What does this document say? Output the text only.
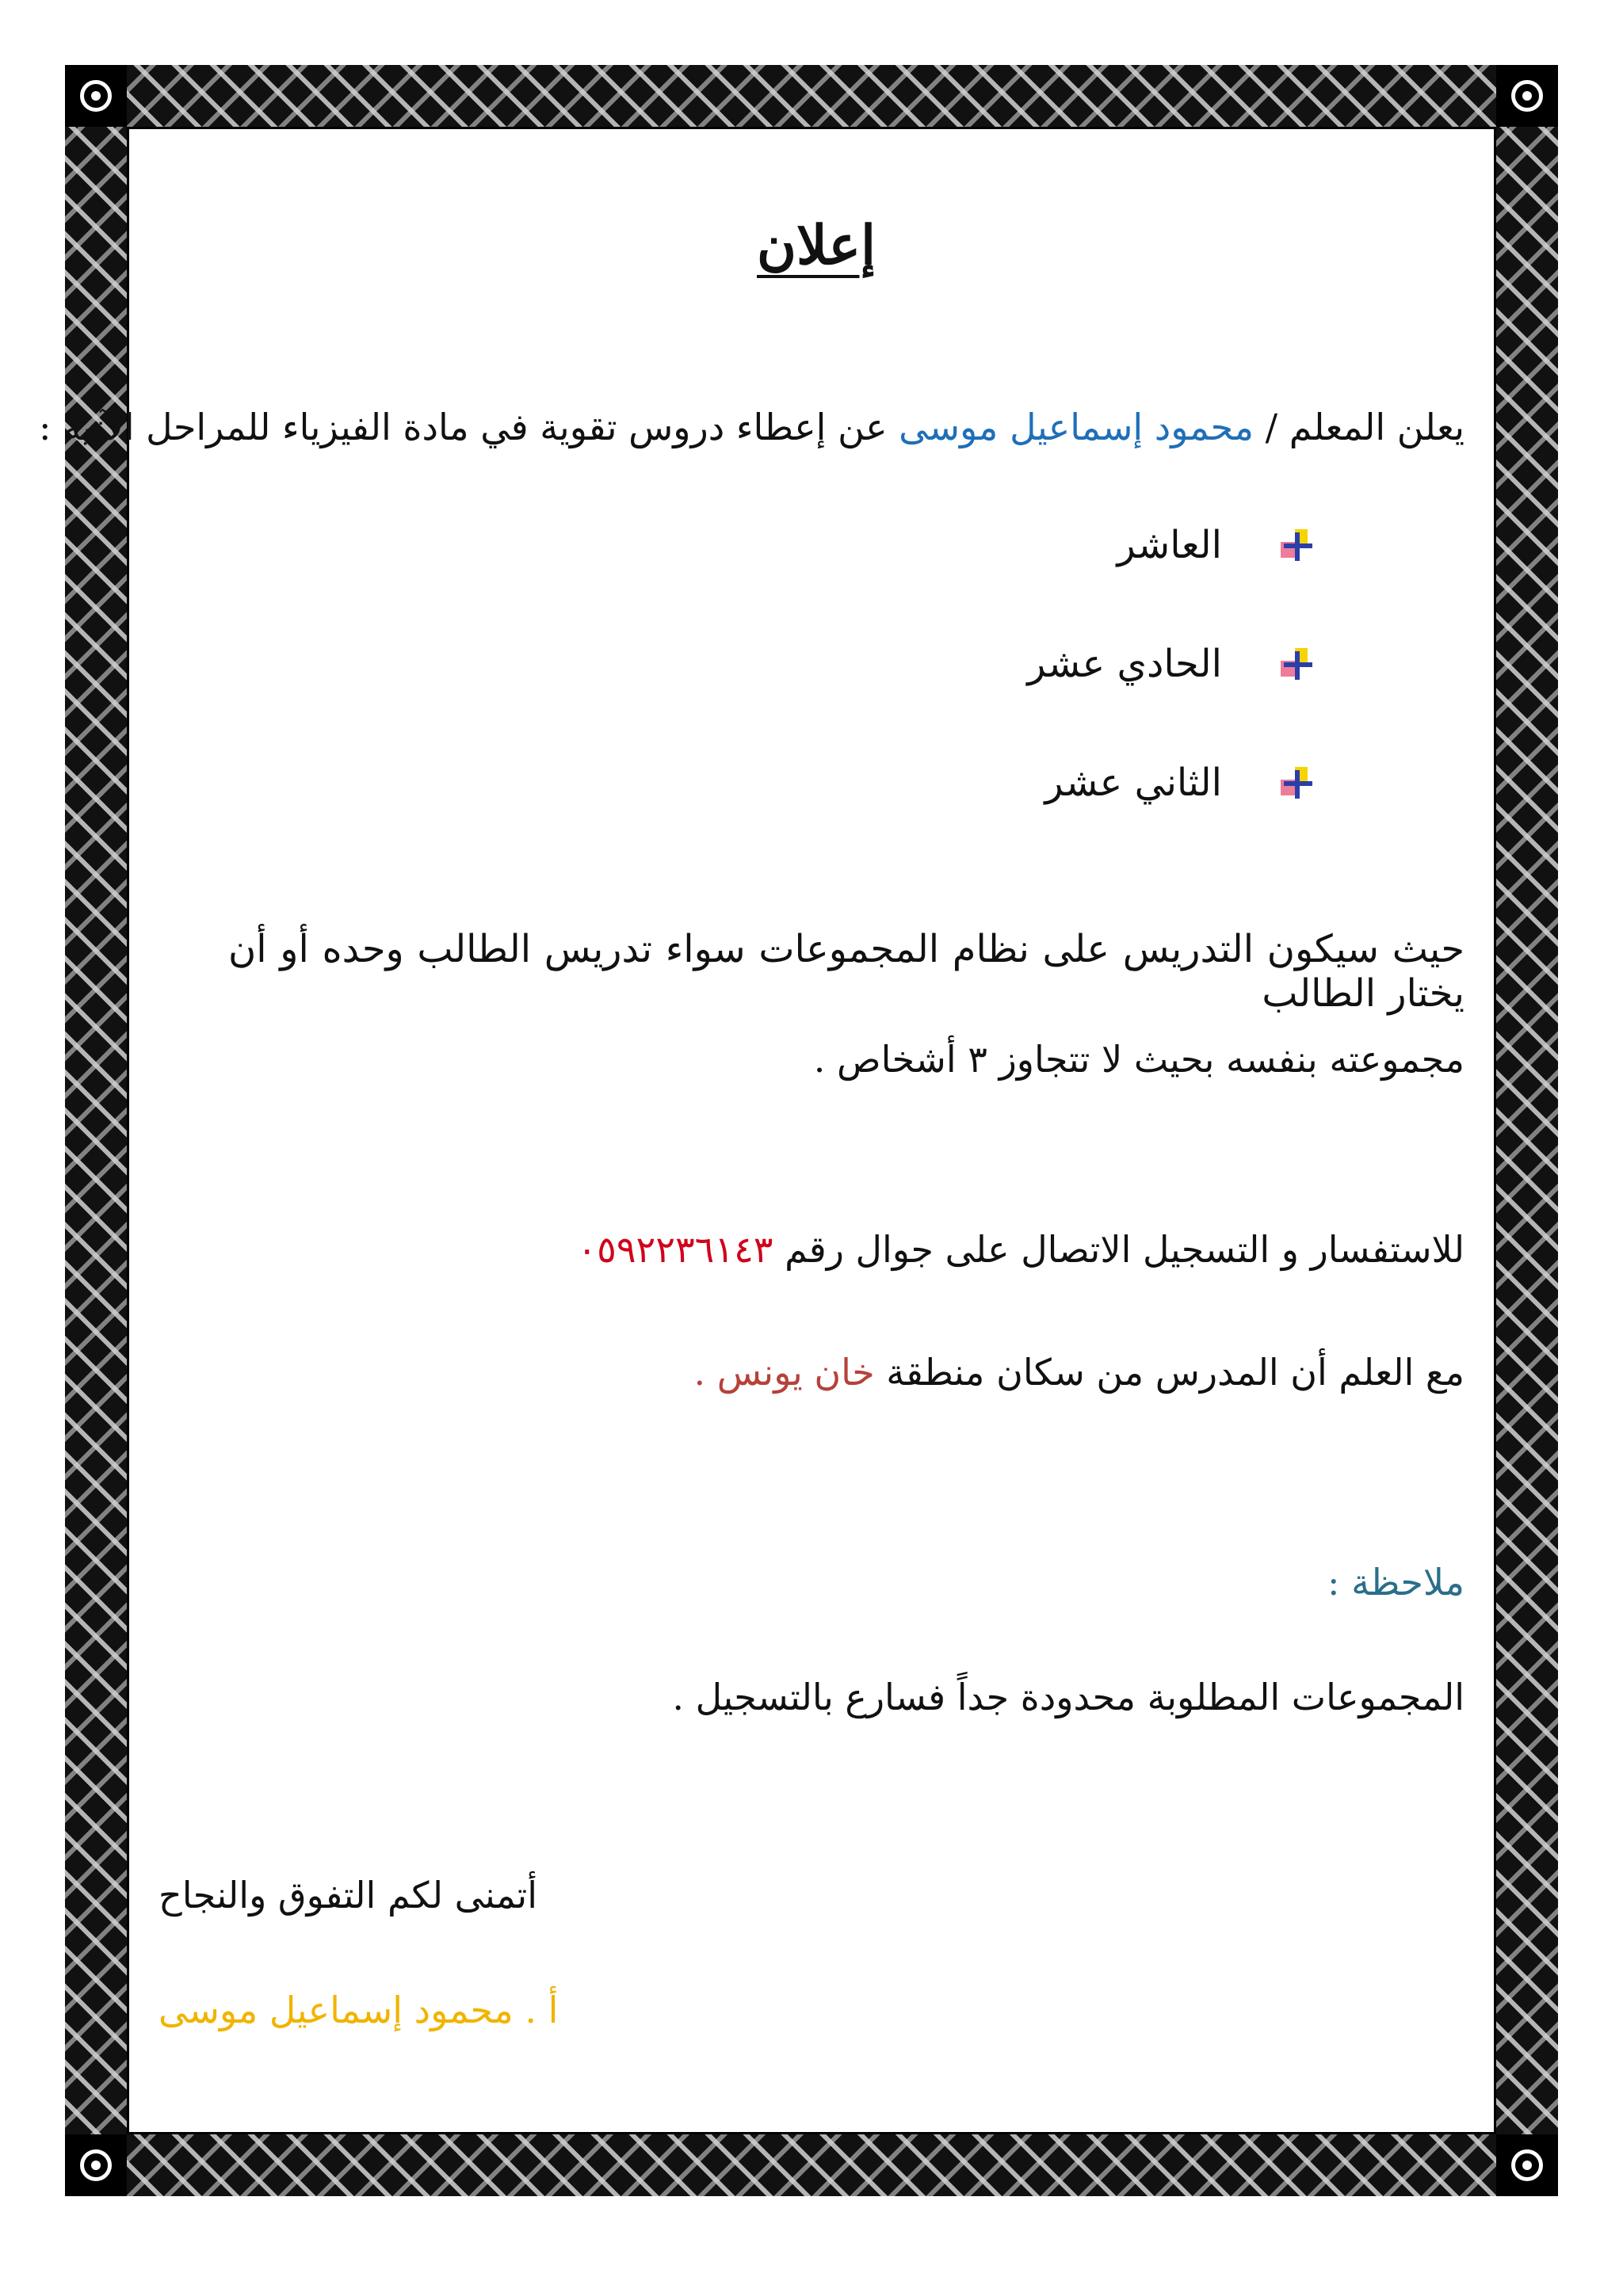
إعلان
يعلن المعلم / محمود إسماعيل موسى عن إعطاء دروس تقوية في مادة الفيزياء للمراحل الآتية :
العاشر
الحادي عشر
الثاني عشر
حيث سيكون التدريس على نظام المجموعات سواء تدريس الطالب وحده أو أن يختار الطالب
مجموعته بنفسه بحيث لا تتجاوز ٣ أشخاص .
للاستفسار و التسجيل الاتصال على جوال رقم ٠٥٩٢٢٣٦١٤٣
مع العلم أن المدرس من سكان منطقة خان يونس .
ملاحظة :
المجموعات المطلوبة محدودة جداً فسارع بالتسجيل .
أتمنى لكم التفوق والنجاح
أ . محمود إسماعيل موسى
